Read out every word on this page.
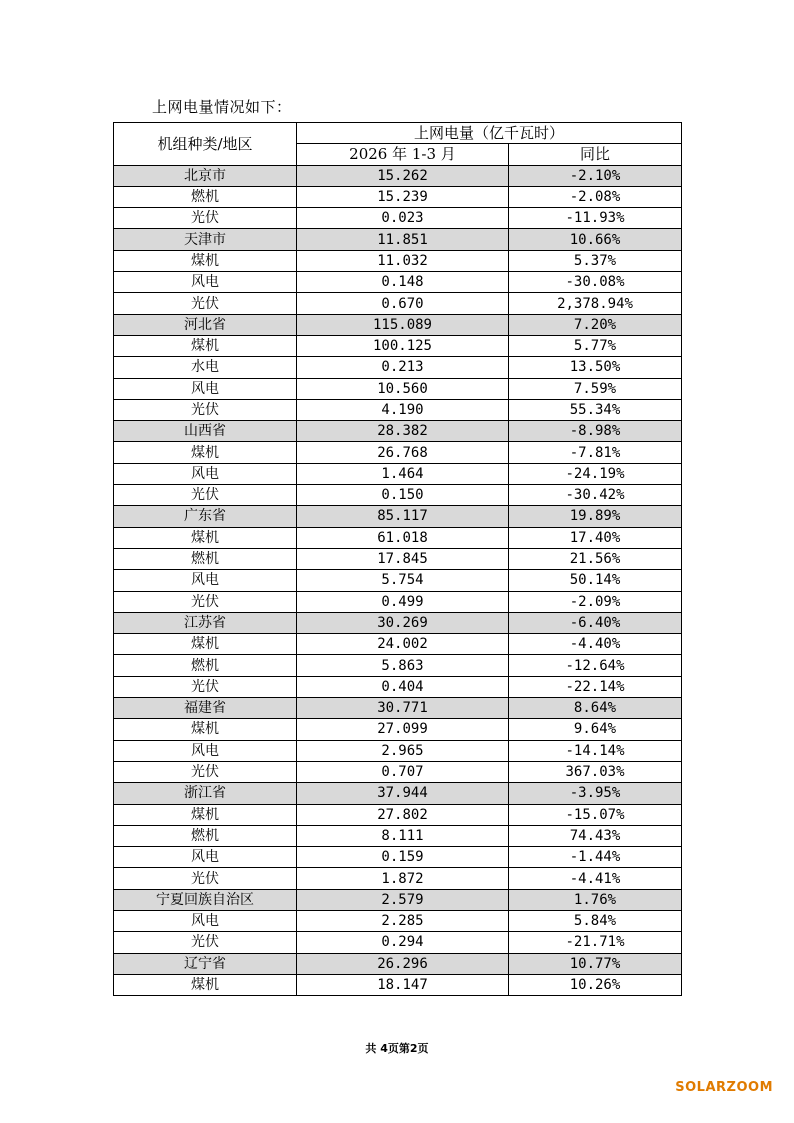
上网电量情况如下：
机组种类/地区	上网电量（亿千瓦时）	
	2026 年 1-3 月	同比
北京市	15.262	-2.10%
燃机	15.239	-2.08%
光伏	0.023	-11.93%
天津市	11.851	10.66%
煤机	11.032	5.37%
风电	0.148	-30.08%
光伏	0.670	2,378.94%
河北省	115.089	7.20%
煤机	100.125	5.77%
水电	0.213	13.50%
风电	10.560	7.59%
光伏	4.190	55.34%
山西省	28.382	-8.98%
煤机	26.768	-7.81%
风电	1.464	-24.19%
光伏	0.150	-30.42%
广东省	85.117	19.89%
煤机	61.018	17.40%
燃机	17.845	21.56%
风电	5.754	50.14%
光伏	0.499	-2.09%
江苏省	30.269	-6.40%
煤机	24.002	-4.40%
燃机	5.863	-12.64%
光伏	0.404	-22.14%
福建省	30.771	8.64%
煤机	27.099	9.64%
风电	2.965	-14.14%
光伏	0.707	367.03%
浙江省	37.944	-3.95%
煤机	27.802	-15.07%
燃机	8.111	74.43%
风电	0.159	-1.44%
光伏	1.872	-4.41%
宁夏回族自治区	2.579	1.76%
风电	2.285	5.84%
光伏	0.294	-21.71%
辽宁省	26.296	10.77%
煤机	18.147	10.26%
共 4页第2页
SOLARZOOM
